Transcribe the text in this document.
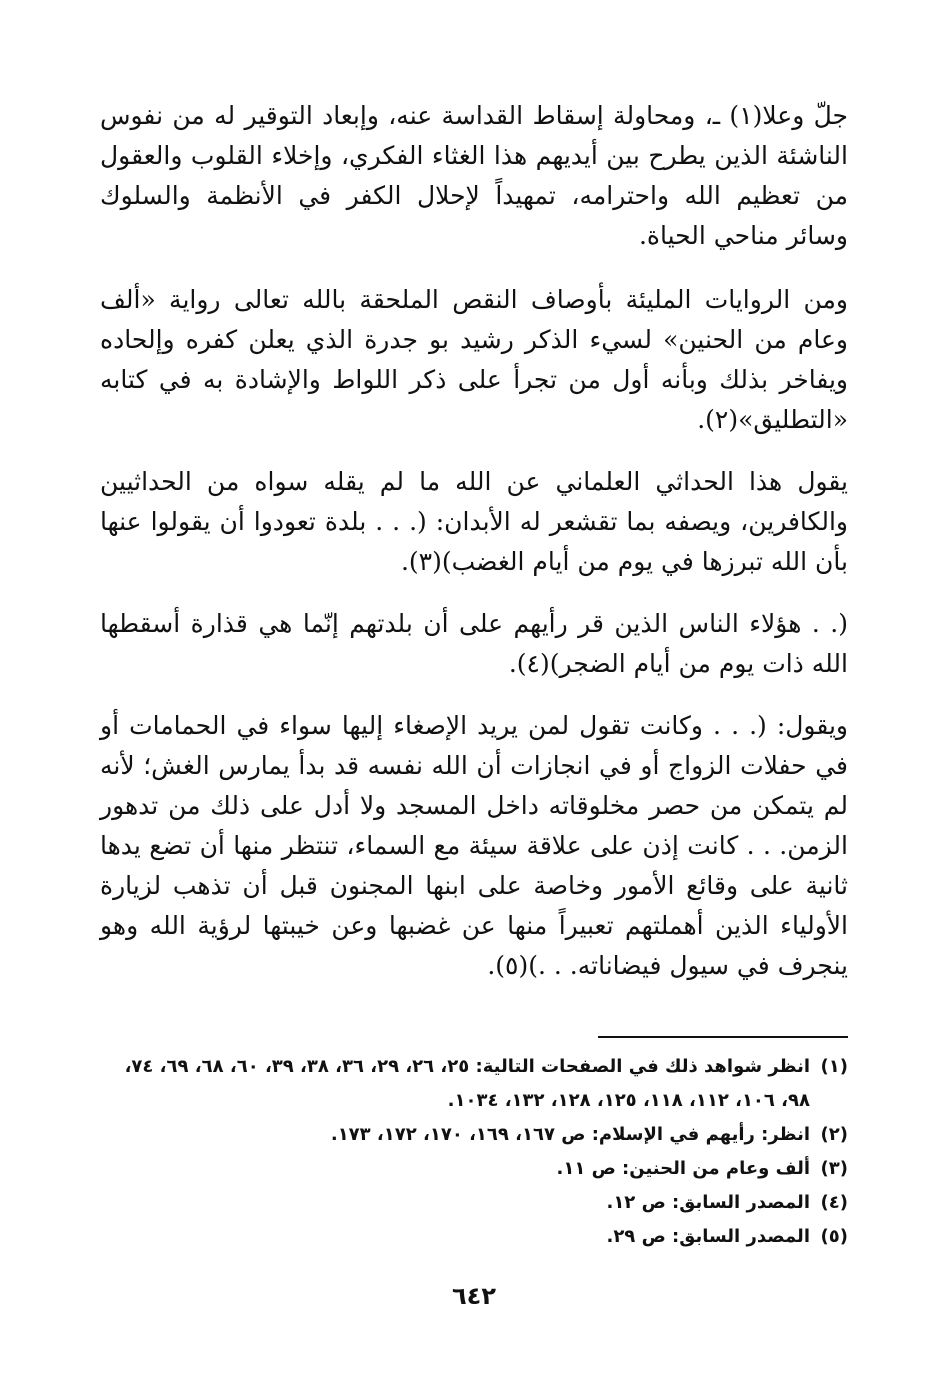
جلّ وعلا(١) ـ، ومحاولة إسقاط القداسة عنه، وإبعاد التوقير له من نفوس الناشئة الذين يطرح بين أيديهم هذا الغثاء الفكري، وإخلاء القلوب والعقول من تعظيم الله واحترامه، تمهيداً لإحلال الكفر في الأنظمة والسلوك وسائر مناحي الحياة.

ومن الروايات المليئة بأوصاف النقص الملحقة بالله تعالى رواية «ألف وعام من الحنين» لسيء الذكر رشيد بو جدرة الذي يعلن كفره وإلحاده ويفاخر بذلك وبأنه أول من تجرأ على ذكر اللواط والإشادة به في كتابه «التطليق»(٢).

يقول هذا الحداثي العلماني عن الله ما لم يقله سواه من الحداثيين والكافرين، ويصفه بما تقشعر له الأبدان: (. . . بلدة تعودوا أن يقولوا عنها بأن الله تبرزها في يوم من أيام الغضب)(٣).

(. . هؤلاء الناس الذين قر رأيهم على أن بلدتهم إنّما هي قذارة أسقطها الله ذات يوم من أيام الضجر)(٤).

ويقول: (. . . وكانت تقول لمن يريد الإصغاء إليها سواء في الحمامات أو في حفلات الزواج أو في انجازات أن الله نفسه قد بدأ يمارس الغش؛ لأنه لم يتمكن من حصر مخلوقاته داخل المسجد ولا أدل على ذلك من تدهور الزمن. . . كانت إذن على علاقة سيئة مع السماء، تنتظر منها أن تضع يدها ثانية على وقائع الأمور وخاصة على ابنها المجنون قبل أن تذهب لزيارة الأولياء الذين أهملتهم تعبيراً منها عن غضبها وعن خيبتها لرؤية الله وهو ينجرف في سيول فيضاناته. . .)(٥).

(١)
انظر شواهد ذلك في الصفحات التالية: ٢٥، ٢٦، ٢٩، ٣٦، ٣٨، ٣٩، ٦٠، ٦٨، ٦٩، ٧٤، ٩٨، ١٠٦، ١١٢، ١١٨، ١٢٥، ١٢٨، ١٣٢، ١٠٣٤.
(٢)
انظر: رأيهم في الإسلام: ص ١٦٧، ١٦٩، ١٧٠، ١٧٢، ١٧٣.
(٣)
ألف وعام من الحنين: ص ١١.
(٤)
المصدر السابق: ص ١٢.
(٥)
المصدر السابق: ص ٢٩.
٦٤٢
